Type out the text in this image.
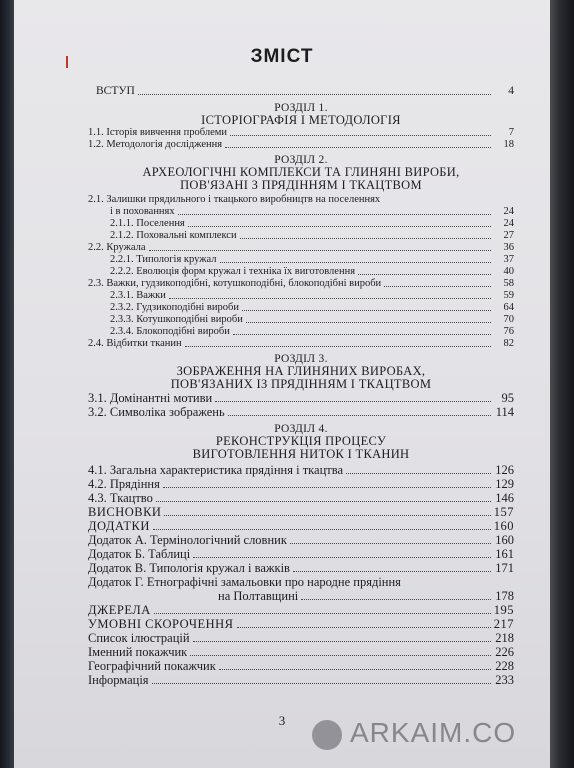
ЗМІСТ
ВСТУП	4
РОЗДІЛ 1.
ІСТОРІОГРАФІЯ І МЕТОДОЛОГІЯ
1.1. Історія вивчення проблеми	7
1.2. Методологія дослідження	18
РОЗДІЛ 2.
АРХЕОЛОГІЧНІ КОМПЛЕКСИ ТА ГЛИНЯНІ ВИРОБИ,
ПОВ'ЯЗАНІ З ПРЯДІННЯМ І ТКАЦТВОМ
2.1. Залишки прядильного і ткацького виробництв на поселеннях
і в похованнях	24
2.1.1. Поселення	24
2.1.2. Поховальні комплекси	27
2.2. Кружала	36
2.2.1. Типологія кружал	37
2.2.2. Еволюція форм кружал і техніка їх виготовлення	40
2.3. Важки, гудзикоподібні, котушкоподібні, блокоподібні вироби	58
2.3.1. Важки	59
2.3.2. Гудзикоподібні вироби	64
2.3.3. Котушкоподібні вироби	70
2.3.4. Блокоподібні вироби	76
2.4. Відбитки тканин	82
РОЗДІЛ 3.
ЗОБРАЖЕННЯ НА ГЛИНЯНИХ ВИРОБАХ,
ПОВ'ЯЗАНИХ ІЗ ПРЯДІННЯМ І ТКАЦТВОМ
3.1. Домінантні мотиви	95
3.2. Символіка зображень	114
РОЗДІЛ 4.
РЕКОНСТРУКЦІЯ ПРОЦЕСУ
ВИГОТОВЛЕННЯ НИТОК І ТКАНИН
4.1. Загальна характеристика прядіння і ткацтва	126
4.2. Прядіння	129
4.3. Ткацтво	146
ВИСНОВКИ	157
ДОДАТКИ	160
Додаток А. Термінологічний словник	160
Додаток Б. Таблиці	161
Додаток В. Типологія кружал і важків	171
Додаток Г. Етнографічні замальовки про народне прядіння
на Полтавщині	178
ДЖЕРЕЛА	195
УМОВНІ СКОРОЧЕННЯ	217
Список ілюстрацій	218
Іменний покажчик	226
Географічний покажчик	228
Інформація	233
3	ARKAIM.CO
